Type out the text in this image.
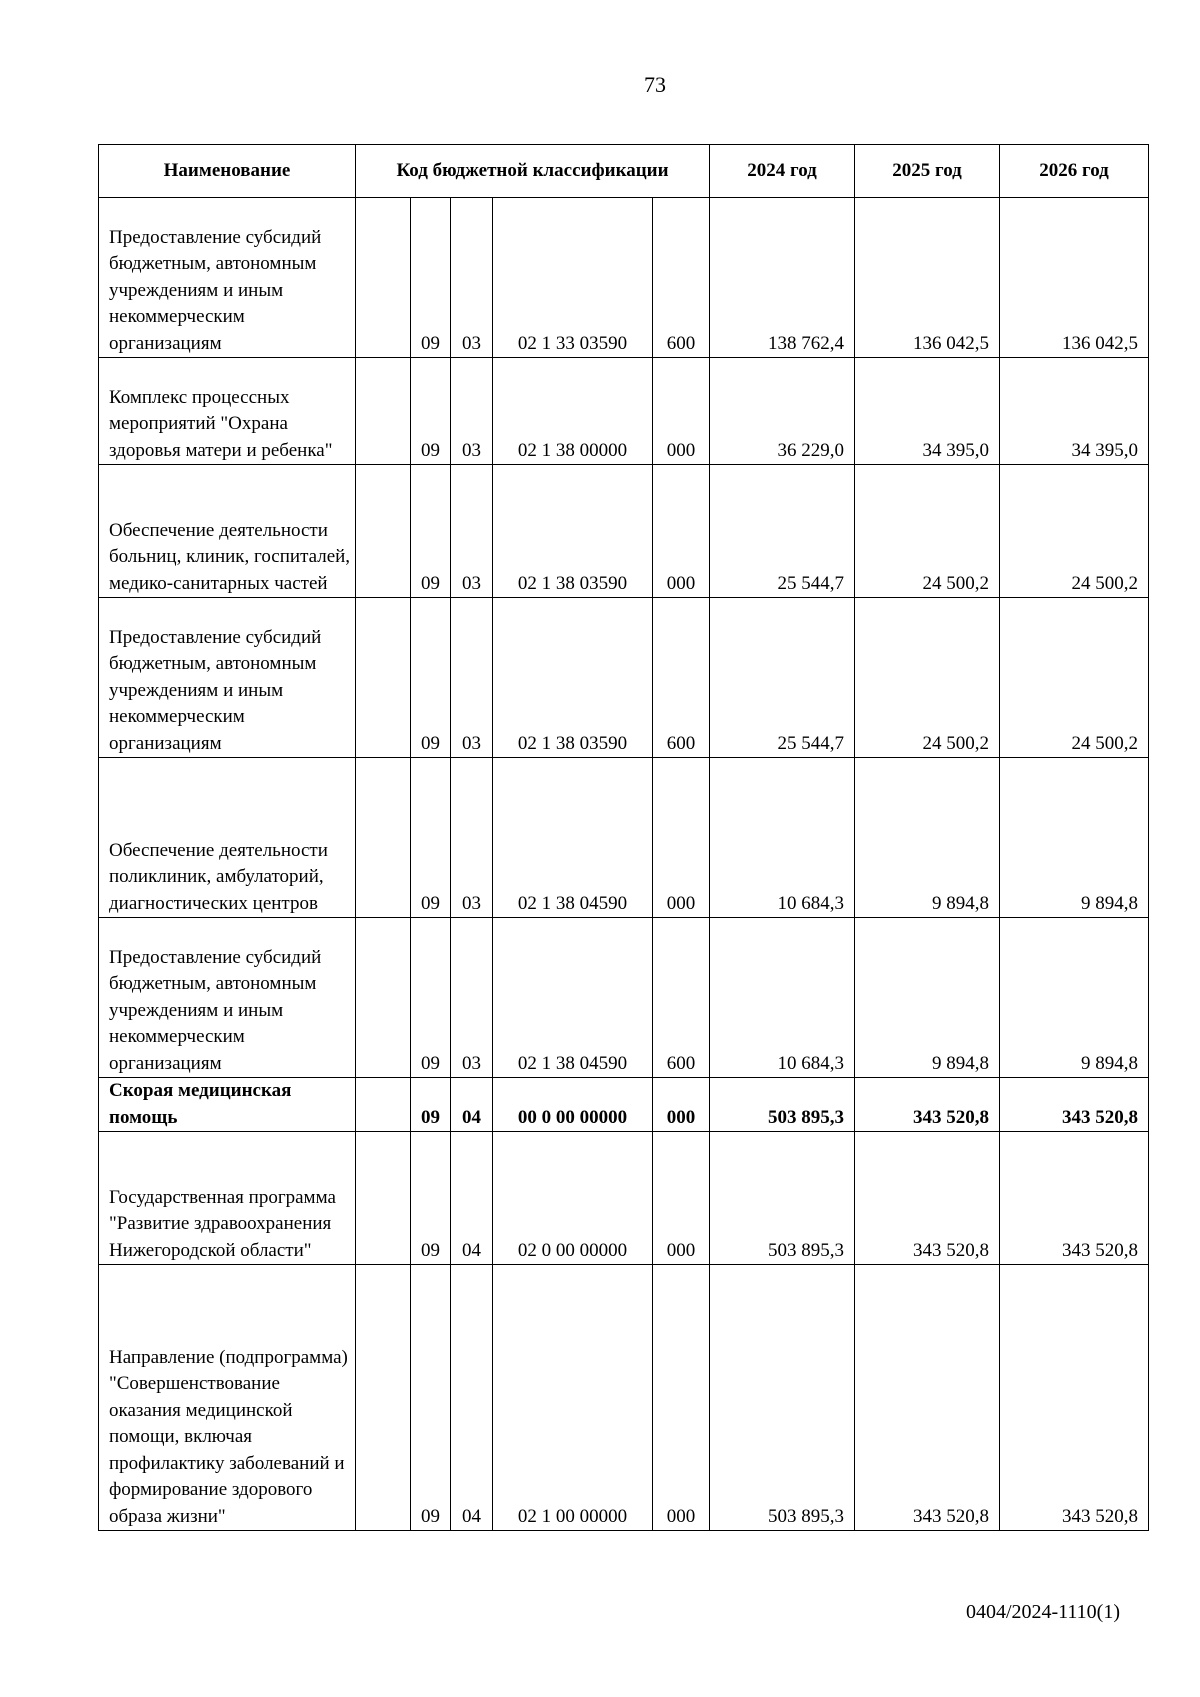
73
Наименование	Код бюджетной классификации					2024 год	2025 год	2026 год
Предоставление субсидий бюджетным, автономным учреждениям и иным некоммерческим организациям		09	03	02 1 33 03590	600	138 762,4	136 042,5	136 042,5
Комплекс процессных мероприятий "Охрана здоровья матери и ребенка"		09	03	02 1 38 00000	000	36 229,0	34 395,0	34 395,0
Обеспечение деятельности больниц, клиник, госпиталей, медико-санитарных частей		09	03	02 1 38 03590	000	25 544,7	24 500,2	24 500,2
Предоставление субсидий бюджетным, автономным учреждениям и иным некоммерческим организациям		09	03	02 1 38 03590	600	25 544,7	24 500,2	24 500,2
Обеспечение деятельности поликлиник, амбулаторий, диагностических центров		09	03	02 1 38 04590	000	10 684,3	9 894,8	9 894,8
Предоставление субсидий бюджетным, автономным учреждениям и иным некоммерческим организациям		09	03	02 1 38 04590	600	10 684,3	9 894,8	9 894,8
Скорая медицинская помощь		09	04	00 0 00 00000	000	503 895,3	343 520,8	343 520,8
Государственная программа "Развитие здравоохранения Нижегородской области"		09	04	02 0 00 00000	000	503 895,3	343 520,8	343 520,8
Направление (подпрограмма) "Совершенствование оказания медицинской помощи, включая профилактику заболеваний и формирование здорового образа жизни"		09	04	02 1 00 00000	000	503 895,3	343 520,8	343 520,8
0404/2024-1110(1)
